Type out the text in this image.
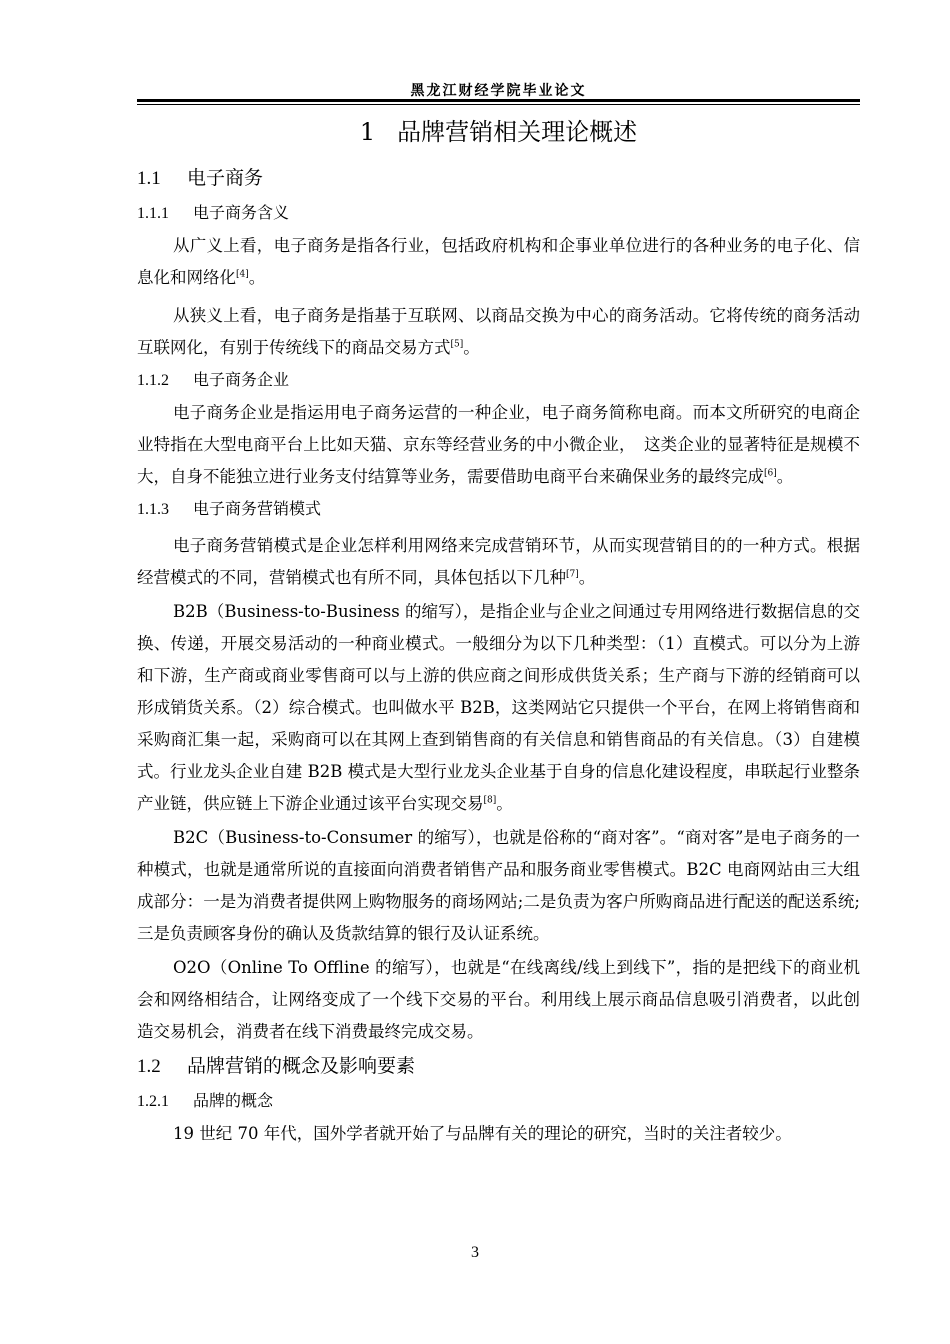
黑龙江财经学院毕业论文
1 品牌营销相关理论概述
1.1 电子商务
1.1.1 电子商务含义

从广义上看，电子商务是指各行业，包括政府机构和企事业单位进行的各种业务的电子化、信息化和网络化[4]。

从狭义上看，电子商务是指基于互联网、以商品交换为中心的商务活动。它将传统的商务活动互联网化，有别于传统线下的商品交易方式[5]。

1.1.2 电子商务企业

电子商务企业是指运用电子商务运营的一种企业，电子商务简称电商。而本文所研究的电商企业特指在大型电商平台上比如天猫、京东等经营业务的中小微企业，　这类企业的显著特征是规模不大，自身不能独立进行业务支付结算等业务，需要借助电商平台来确保业务的最终完成[6]。

1.1.3 电子商务营销模式

电子商务营销模式是企业怎样利用网络来完成营销环节，从而实现营销目的的一种方式。根据经营模式的不同，营销模式也有所不同，具体包括以下几种[7]。

B2B（Business-to-Business 的缩写），是指企业与企业之间通过专用网络进行数据信息的交换、传递，开展交易活动的一种商业模式。一般细分为以下几种类型：（1）直模式。可以分为上游和下游，生产商或商业零售商可以与上游的供应商之间形成供货关系；生产商与下游的经销商可以形成销货关系。（2）综合模式。也叫做水平 B2B，这类网站它只提供一个平台，在网上将销售商和采购商汇集一起，采购商可以在其网上查到销售商的有关信息和销售商品的有关信息。（3）自建模式。行业龙头企业自建 B2B 模式是大型行业龙头企业基于自身的信息化建设程度，串联起行业整条产业链，供应链上下游企业通过该平台实现交易[8]。

B2C（Business-to-Consumer 的缩写），也就是俗称的“商对客”。“商对客”是电子商务的一种模式，也就是通常所说的直接面向消费者销售产品和服务商业零售模式。B2C 电商网站由三大组成部分：一是为消费者提供网上购物服务的商场网站;二是负责为客户所购商品进行配送的配送系统;三是负责顾客身份的确认及货款结算的银行及认证系统。

O2O（Online To Offline 的缩写），也就是“在线离线/线上到线下”，指的是把线下的商业机会和网络相结合，让网络变成了一个线下交易的平台。利用线上展示商品信息吸引消费者，以此创造交易机会，消费者在线下消费最终完成交易。

1.2 品牌营销的概念及影响要素
1.2.1 品牌的概念

19 世纪 70 年代，国外学者就开始了与品牌有关的理论的研究，当时的关注者较少。

3
